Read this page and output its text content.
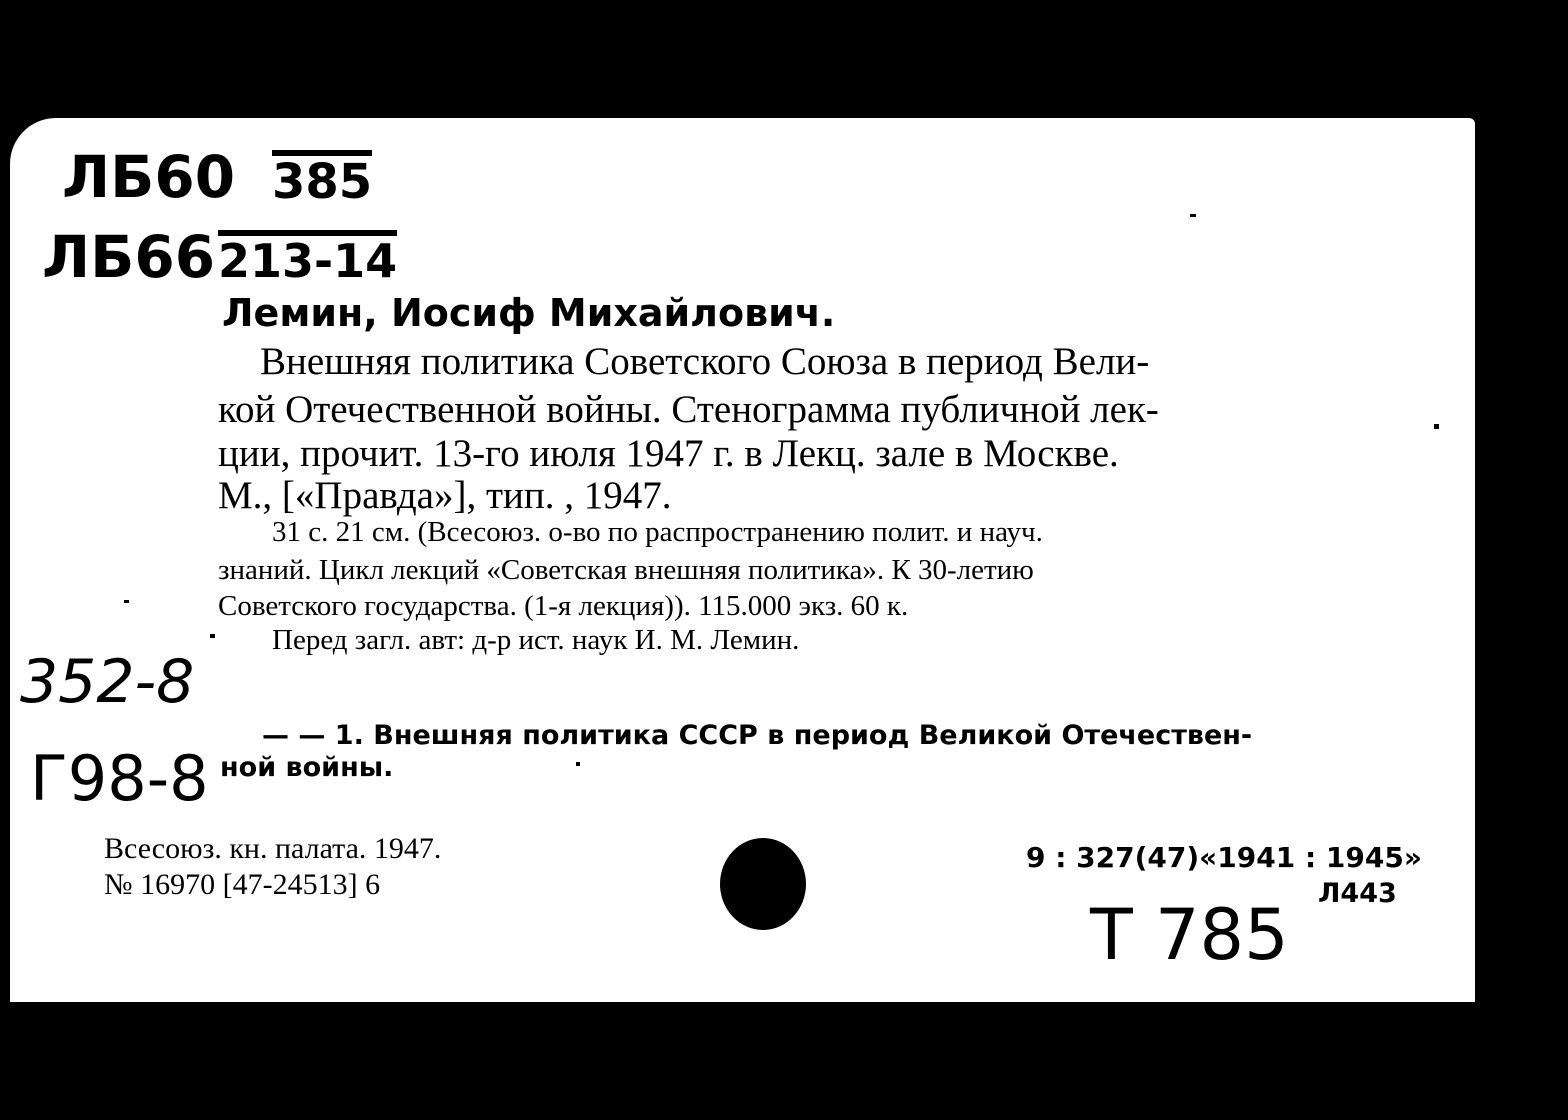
ЛБ60 385
ЛБ66 213-14
Лемин, Иосиф Михайлович.
Внешняя политика Советского Союза в период Вели-
кой Отечественной войны. Стенограмма публичной лек-
ции, прочит. 13-го июля 1947 г. в Лекц. зале в Москве.
М., [«Правда»], тип. , 1947.
31 с. 21 см. (Всесоюз. о-во по распространению полит. и науч.
знаний. Цикл лекций «Советская внешняя политика». К 30-летию
Советского государства. (1-я лекция)). 115.000 экз. 60 к.
Перед загл. авт: д-р ист. наук И. М. Лемин.
352-8
Г98-8
— — 1. Внешняя политика СССР в период Великой Отечествен-
ной войны.
Всесоюз. кн. палата. 1947.
№ 16970 [47-24513] 6
9 : 327(47)«1941 : 1945»
Л443
Т 785
